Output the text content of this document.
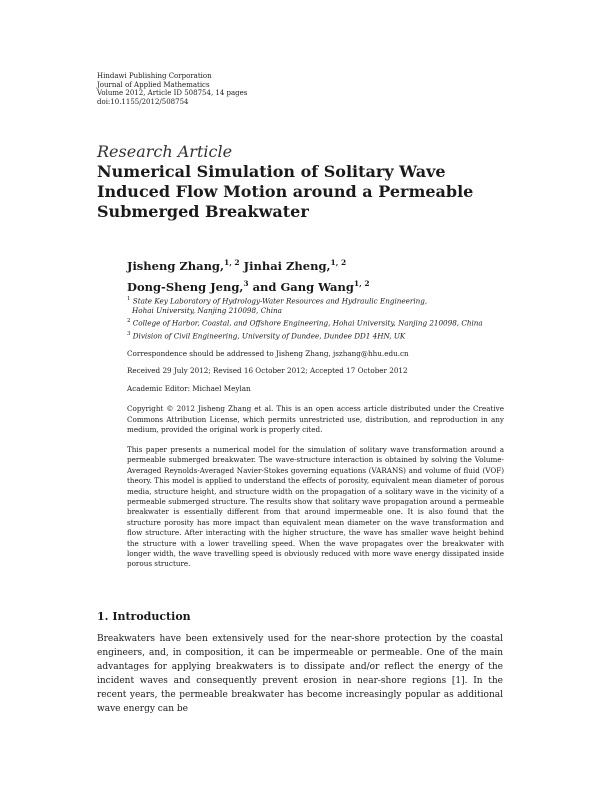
Hindawi Publishing Corporation
Journal of Applied Mathematics
Volume 2012, Article ID 508754, 14 pages
doi:10.1155/2012/508754
Research Article
Numerical Simulation of Solitary Wave
Induced Flow Motion around a Permeable
Submerged Breakwater
Jisheng Zhang,$^{1, 2}$ Jinhai Zheng,$^{1, 2}$
Dong-Sheng Jeng,$^3$ and Gang Wang$^{1, 2}$
$^1$ State Key Laboratory of Hydrology-Water Resources and Hydraulic Engineering,
Hohai University, Nanjing 210098, China
$^2$ College of Harbor, Coastal, and Offshore Engineering, Hohai University, Nanjing 210098, China
$^3$ Division of Civil Engineering, University of Dundee, Dundee DD1 4HN, UK
Correspondence should be addressed to Jisheng Zhang, jszhang@hhu.edu.cn
Received 29 July 2012; Revised 16 October 2012; Accepted 17 October 2012
Academic Editor: Michael Meylan
Copyright © 2012 Jisheng Zhang et al. This is an open access article distributed under the Creative Commons Attribution License, which permits unrestricted use, distribution, and reproduction in any medium, provided the original work is properly cited.
This paper presents a numerical model for the simulation of solitary wave transformation around a permeable submerged breakwater. The wave-structure interaction is obtained by solving the Volume-Averaged Reynolds-Averaged Navier-Stokes governing equations (VARANS) and volume of fluid (VOF) theory. This model is applied to understand the effects of porosity, equivalent mean diameter of porous media, structure height, and structure width on the propagation of a solitary wave in the vicinity of a permeable submerged structure. The results show that solitary wave propagation around a permeable breakwater is essentially different from that around impermeable one. It is also found that the structure porosity has more impact than equivalent mean diameter on the wave transformation and flow structure. After interacting with the higher structure, the wave has smaller wave height behind the structure with a lower travelling speed. When the wave propagates over the breakwater with longer width, the wave travelling speed is obviously reduced with more wave energy dissipated inside porous structure.
1. Introduction
Breakwaters have been extensively used for the near-shore protection by the coastal engineers, and, in composition, it can be impermeable or permeable. One of the main advantages for applying breakwaters is to dissipate and/or reflect the energy of the incident waves and consequently prevent erosion in near-shore regions [1]. In the recent years, the permeable breakwater has become increasingly popular as additional wave energy can be
